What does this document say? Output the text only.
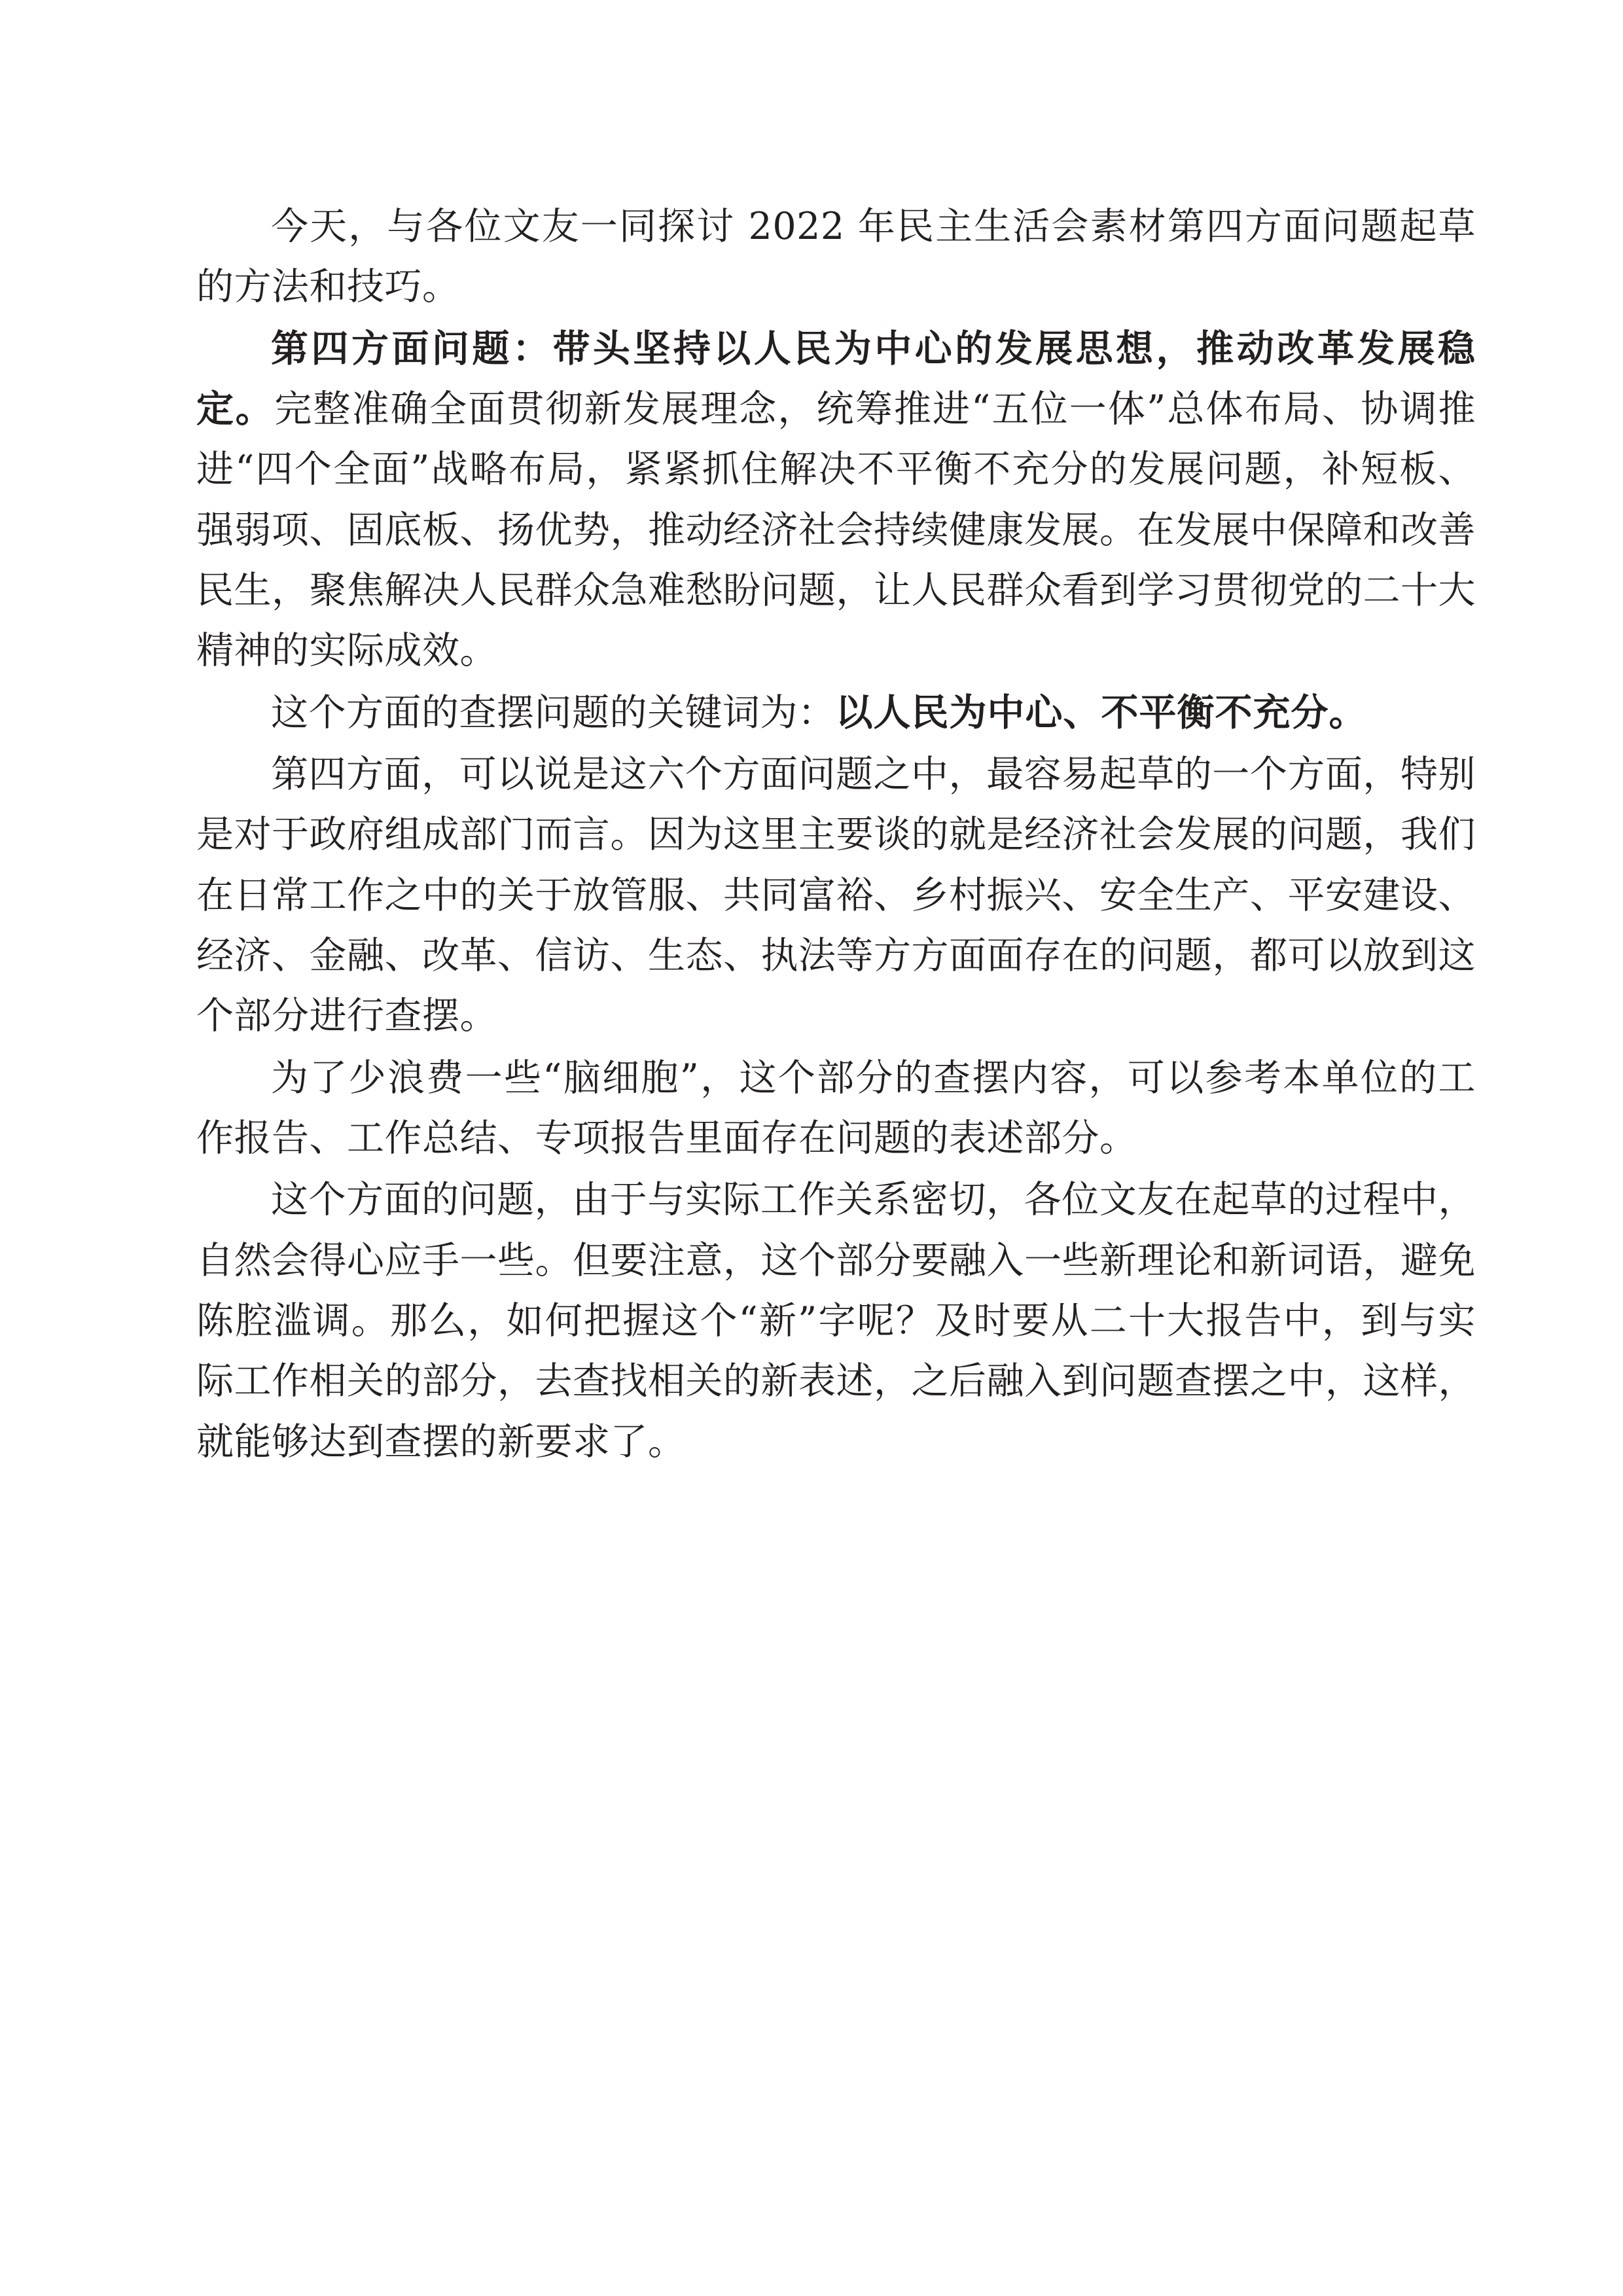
今天，与各位文友一同探讨 2022 年民主生活会素材第四方面问题起草的方法和技巧。
第四方面问题：带头坚持以人民为中心的发展思想，推动改革发展稳定。完整准确全面贯彻新发展理念，统筹推进“五位一体”总体布局、协调推进“四个全面”战略布局，紧紧抓住解决不平衡不充分的发展问题，补短板、强弱项、固底板、扬优势，推动经济社会持续健康发展。在发展中保障和改善民生，聚焦解决人民群众急难愁盼问题，让人民群众看到学习贯彻党的二十大精神的实际成效。
这个方面的查摆问题的关键词为：以人民为中心、不平衡不充分。
第四方面，可以说是这六个方面问题之中，最容易起草的一个方面，特别是对于政府组成部门而言。因为这里主要谈的就是经济社会发展的问题，我们在日常工作之中的关于放管服、共同富裕、乡村振兴、安全生产、平安建设、经济、金融、改革、信访、生态、执法等方方面面存在的问题，都可以放到这个部分进行查摆。
为了少浪费一些“脑细胞”，这个部分的查摆内容，可以参考本单位的工作报告、工作总结、专项报告里面存在问题的表述部分。
这个方面的问题，由于与实际工作关系密切，各位文友在起草的过程中， 自然会得心应手一些。但要注意，这个部分要融入一些新理论和新词语，避免陈腔滥调。那么，如何把握这个“新”字呢？及时要从二十大报告中，到与实际工作相关的部分，去查找相关的新表述，之后融入到问题查摆之中，这样，就能够达到查摆的新要求了。
